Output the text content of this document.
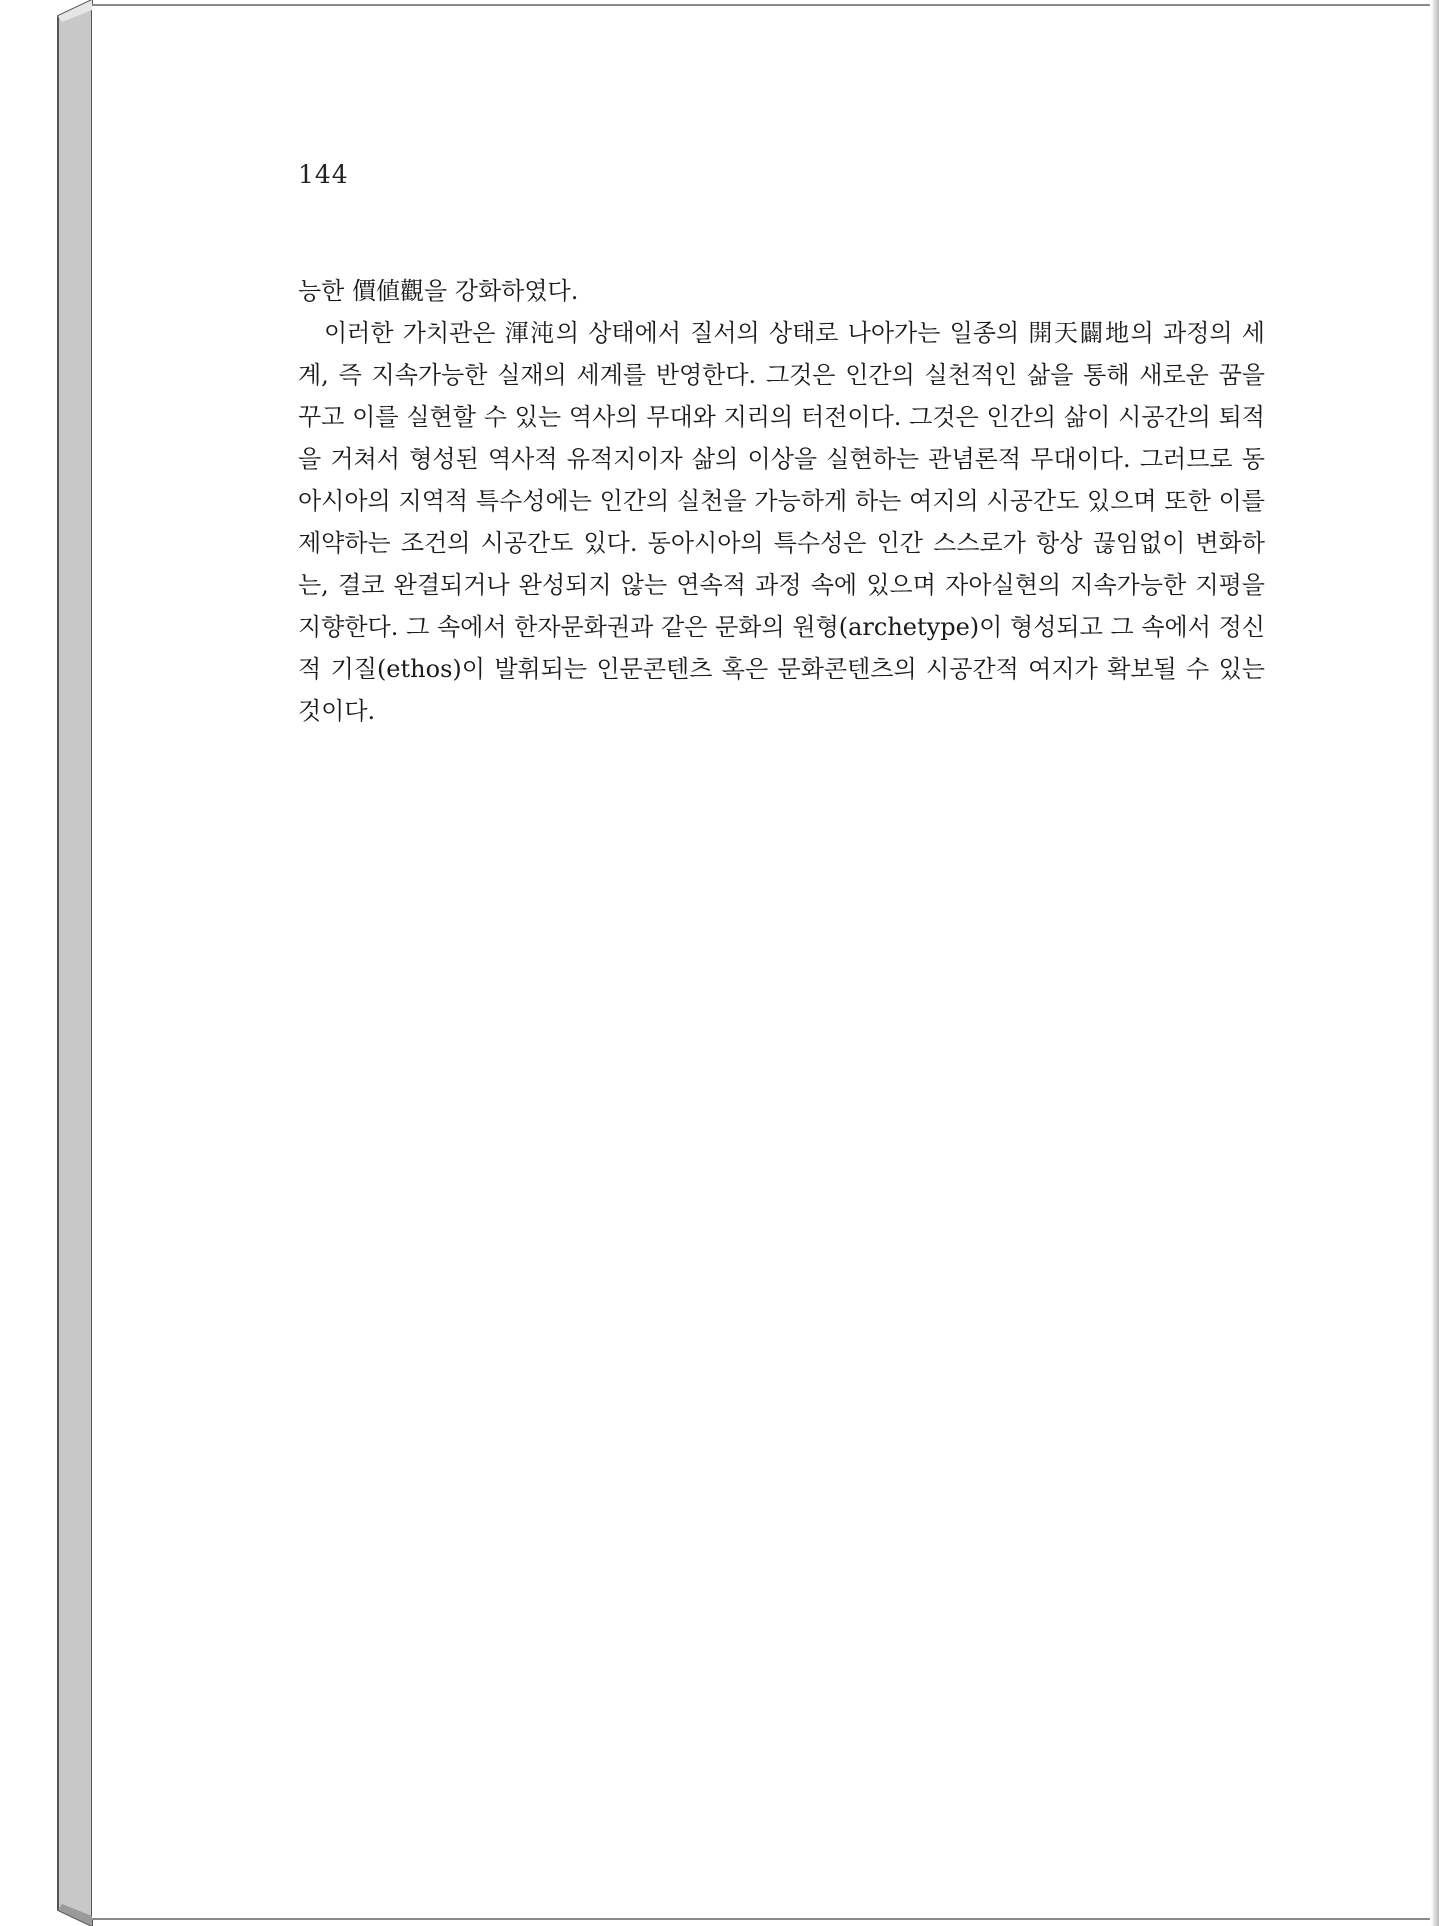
144

능한 價値觀을 강화하였다.

이러한 가치관은 渾沌의 상태에서 질서의 상태로 나아가는 일종의 開天闢地의 과정의 세계, 즉 지속가능한 실재의 세계를 반영한다. 그것은 인간의 실천적인 삶을 통해 새로운 꿈을 꾸고 이를 실현할 수 있는 역사의 무대와 지리의 터전이다. 그것은 인간의 삶이 시공간의 퇴적을 거쳐서 형성된 역사적 유적지이자 삶의 이상을 실현하는 관념론적 무대이다. 그러므로 동아시아의 지역적 특수성에는 인간의 실천을 가능하게 하는 여지의 시공간도 있으며 또한 이를 제약하는 조건의 시공간도 있다. 동아시아의 특수성은 인간 스스로가 항상 끊임없이 변화하는, 결코 완결되거나 완성되지 않는 연속적 과정 속에 있으며 자아실현의 지속가능한 지평을 지향한다. 그 속에서 한자문화권과 같은 문화의 원형(archetype)이 형성되고 그 속에서 정신적 기질(ethos)이 발휘되는 인문콘텐츠 혹은 문화콘텐츠의 시공간적 여지가 확보될 수 있는 것이다.
